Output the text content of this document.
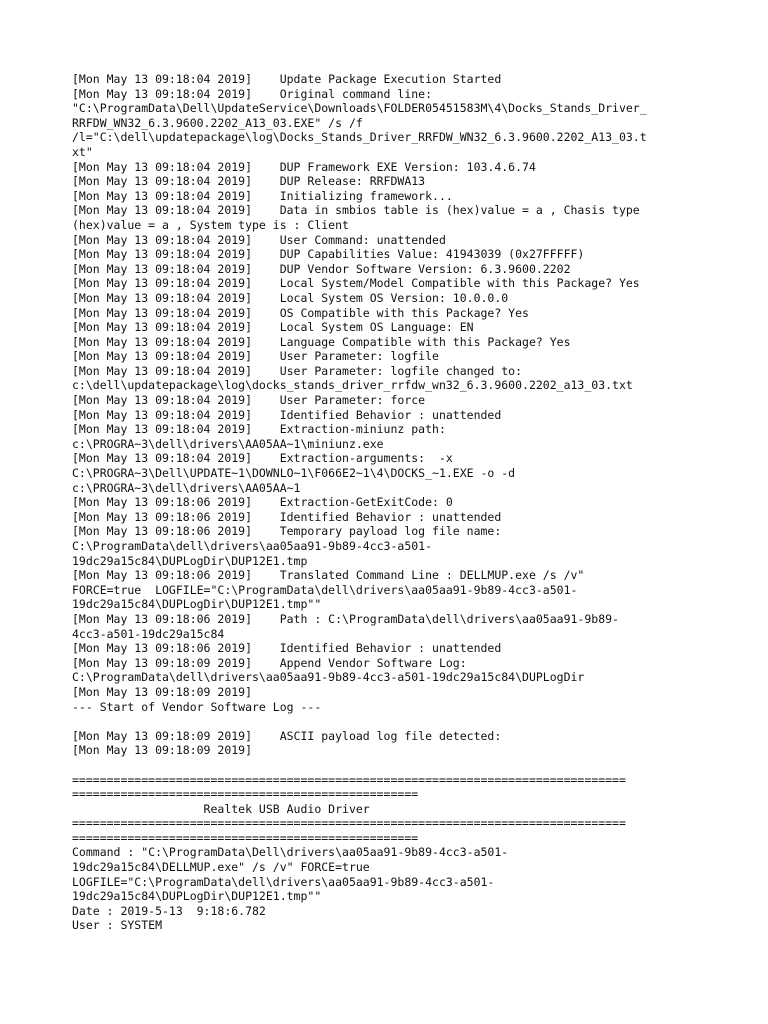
[Mon May 13 09:18:04 2019]    Update Package Execution Started
[Mon May 13 09:18:04 2019]    Original command line:
"C:\ProgramData\Dell\UpdateService\Downloads\FOLDER05451583M\4\Docks_Stands_Driver_
RRFDW_WN32_6.3.9600.2202_A13_03.EXE" /s /f
/l="C:\dell\updatepackage\log\Docks_Stands_Driver_RRFDW_WN32_6.3.9600.2202_A13_03.t
xt"
[Mon May 13 09:18:04 2019]    DUP Framework EXE Version: 103.4.6.74
[Mon May 13 09:18:04 2019]    DUP Release: RRFDWA13
[Mon May 13 09:18:04 2019]    Initializing framework...
[Mon May 13 09:18:04 2019]    Data in smbios table is (hex)value = a , Chasis type
(hex)value = a , System type is : Client
[Mon May 13 09:18:04 2019]    User Command: unattended
[Mon May 13 09:18:04 2019]    DUP Capabilities Value: 41943039 (0x27FFFFF)
[Mon May 13 09:18:04 2019]    DUP Vendor Software Version: 6.3.9600.2202
[Mon May 13 09:18:04 2019]    Local System/Model Compatible with this Package? Yes
[Mon May 13 09:18:04 2019]    Local System OS Version: 10.0.0.0
[Mon May 13 09:18:04 2019]    OS Compatible with this Package? Yes
[Mon May 13 09:18:04 2019]    Local System OS Language: EN
[Mon May 13 09:18:04 2019]    Language Compatible with this Package? Yes
[Mon May 13 09:18:04 2019]    User Parameter: logfile
[Mon May 13 09:18:04 2019]    User Parameter: logfile changed to:
c:\dell\updatepackage\log\docks_stands_driver_rrfdw_wn32_6.3.9600.2202_a13_03.txt
[Mon May 13 09:18:04 2019]    User Parameter: force
[Mon May 13 09:18:04 2019]    Identified Behavior : unattended
[Mon May 13 09:18:04 2019]    Extraction-miniunz path:
c:\PROGRA~3\dell\drivers\AA05AA~1\miniunz.exe
[Mon May 13 09:18:04 2019]    Extraction-arguments:  -x
C:\PROGRA~3\Dell\UPDATE~1\DOWNLO~1\F066E2~1\4\DOCKS_~1.EXE -o -d
c:\PROGRA~3\dell\drivers\AA05AA~1
[Mon May 13 09:18:06 2019]    Extraction-GetExitCode: 0
[Mon May 13 09:18:06 2019]    Identified Behavior : unattended
[Mon May 13 09:18:06 2019]    Temporary payload log file name:
C:\ProgramData\dell\drivers\aa05aa91-9b89-4cc3-a501-
19dc29a15c84\DUPLogDir\DUP12E1.tmp
[Mon May 13 09:18:06 2019]    Translated Command Line : DELLMUP.exe /s /v"
FORCE=true  LOGFILE="C:\ProgramData\dell\drivers\aa05aa91-9b89-4cc3-a501-
19dc29a15c84\DUPLogDir\DUP12E1.tmp""
[Mon May 13 09:18:06 2019]    Path : C:\ProgramData\dell\drivers\aa05aa91-9b89-
4cc3-a501-19dc29a15c84
[Mon May 13 09:18:06 2019]    Identified Behavior : unattended
[Mon May 13 09:18:09 2019]    Append Vendor Software Log:
C:\ProgramData\dell\drivers\aa05aa91-9b89-4cc3-a501-19dc29a15c84\DUPLogDir
[Mon May 13 09:18:09 2019]
--- Start of Vendor Software Log ---
[Mon May 13 09:18:09 2019]    ASCII payload log file detected:
[Mon May 13 09:18:09 2019]
================================================================================
==================================================
Realtek USB Audio Driver
================================================================================
==================================================
Command : "C:\ProgramData\Dell\drivers\aa05aa91-9b89-4cc3-a501-
19dc29a15c84\DELLMUP.exe" /s /v" FORCE=true
LOGFILE="C:\ProgramData\dell\drivers\aa05aa91-9b89-4cc3-a501-
19dc29a15c84\DUPLogDir\DUP12E1.tmp""
Date : 2019-5-13  9:18:6.782
User : SYSTEM
